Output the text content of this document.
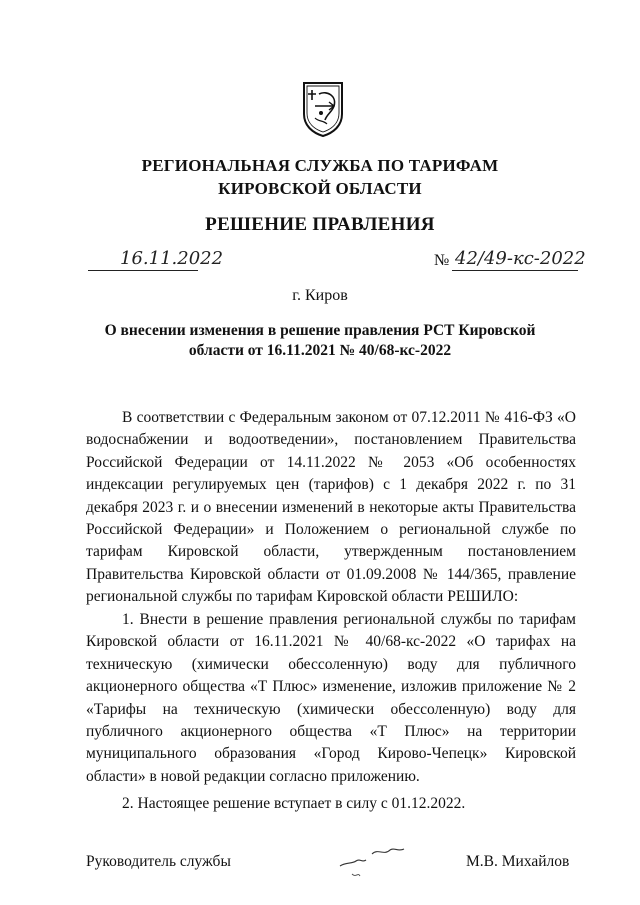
РЕГИОНАЛЬНАЯ СЛУЖБА ПО ТАРИФАМ
КИРОВСКОЙ ОБЛАСТИ
РЕШЕНИЕ ПРАВЛЕНИЯ
16.11.2022	№ 42/49-кс-2022
г. Киров
О внесении изменения в решение правления РСТ Кировской
области от 16.11.2021 № 40/68-кс-2022

В соответствии с Федеральным законом от 07.12.2011 № 416-ФЗ «О водоснабжении и водоотведении», постановлением Правительства Российской Федерации от 14.11.2022 № 2053 «Об особенностях индексации регулируемых цен (тарифов) с 1 декабря 2022 г. по 31 декабря 2023 г. и о внесении изменений в некоторые акты Правительства Российской Федерации» и Положением о региональной службе по тарифам Кировской области, утвержденным постановлением Правительства Кировской области от 01.09.2008 № 144/365, правление региональной службы по тарифам Кировской области РЕШИЛО:

1. Внести в решение правления региональной службы по тарифам Кировской области от 16.11.2021 № 40/68-кс-2022 «О тарифах на техническую (химически обессоленную) воду для публичного акционерного общества «Т Плюс» изменение, изложив приложение № 2 «Тарифы на техническую (химически обессоленную) воду для публичного акционерного общества «Т Плюс» на территории муниципального образования «Город Кирово-Чепецк» Кировской области» в новой редакции согласно приложению.

2. Настоящее решение вступает в силу с 01.12.2022.

Руководитель службы	М.В. Михайлов
